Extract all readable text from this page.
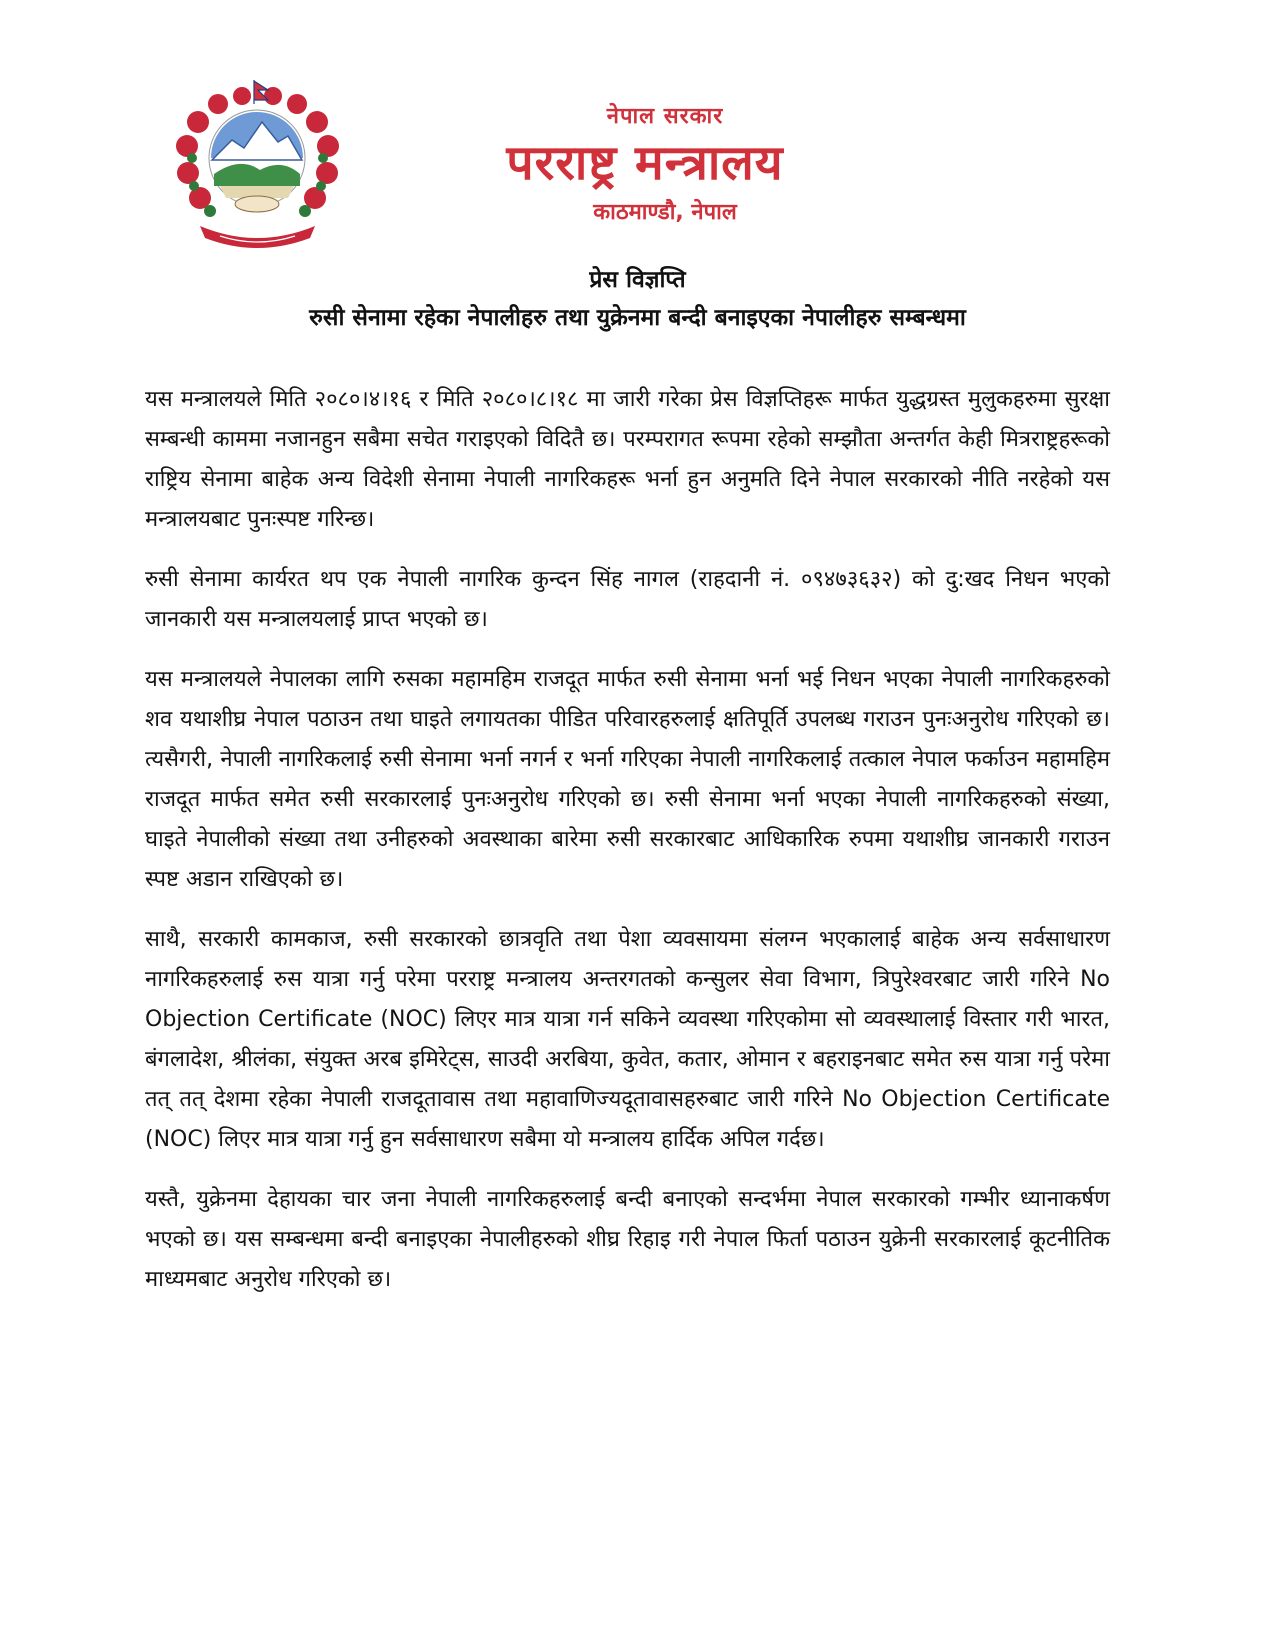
नेपाल सरकार
परराष्ट्र मन्त्रालय
काठमाण्डौ, नेपाल
प्रेस विज्ञप्ति
रुसी सेनामा रहेका नेपालीहरु तथा युक्रेनमा बन्दी बनाइएका नेपालीहरु सम्बन्धमा

यस मन्त्रालयले मिति २०८०।४।१६ र मिति २०८०।८।१८ मा जारी गरेका प्रेस विज्ञप्तिहरू मार्फत युद्धग्रस्त मुलुकहरुमा सुरक्षा सम्बन्धी काममा नजानहुन सबैमा सचेत गराइएको विदितै छ। परम्परागत रूपमा रहेको सम्झौता अन्तर्गत केही मित्रराष्ट्रहरूको राष्ट्रिय सेनामा बाहेक अन्य विदेशी सेनामा नेपाली नागरिकहरू भर्ना हुन अनुमति दिने नेपाल सरकारको नीति नरहेको यस मन्त्रालयबाट पुनःस्पष्ट गरिन्छ।

रुसी सेनामा कार्यरत थप एक नेपाली नागरिक कुन्दन सिंह नागल (राहदानी नं. ०९४७३६३२) को दु:खद निधन भएको जानकारी यस मन्त्रालयलाई प्राप्त भएको छ।

यस मन्त्रालयले नेपालका लागि रुसका महामहिम राजदूत मार्फत रुसी सेनामा भर्ना भई निधन भएका नेपाली नागरिकहरुको शव यथाशीघ्र नेपाल पठाउन तथा घाइते लगायतका पीडित परिवारहरुलाई क्षतिपूर्ति उपलब्ध गराउन पुनःअनुरोध गरिएको छ। त्यसैगरी, नेपाली नागरिकलाई रुसी सेनामा भर्ना नगर्न र भर्ना गरिएका नेपाली नागरिकलाई तत्काल नेपाल फर्काउन महामहिम राजदूत मार्फत समेत रुसी सरकारलाई पुनःअनुरोध गरिएको छ। रुसी सेनामा भर्ना भएका नेपाली नागरिकहरुको संख्या, घाइते नेपालीको संख्या तथा उनीहरुको अवस्थाका बारेमा रुसी सरकारबाट आधिकारिक रुपमा यथाशीघ्र जानकारी गराउन स्पष्ट अडान राखिएको छ।

साथै, सरकारी कामकाज, रुसी सरकारको छात्रवृति तथा पेशा व्यवसायमा संलग्न भएकालाई बाहेक अन्य सर्वसाधारण नागरिकहरुलाई रुस यात्रा गर्नु परेमा परराष्ट्र मन्त्रालय अन्तरगतको कन्सुलर सेवा विभाग, त्रिपुरेश्वरबाट जारी गरिने No Objection Certificate (NOC) लिएर मात्र यात्रा गर्न सकिने व्यवस्था गरिएकोमा सो व्यवस्थालाई विस्तार गरी भारत, बंगलादेश, श्रीलंका, संयुक्त अरब इमिरेट्स, साउदी अरबिया, कुवेत, कतार, ओमान र बहराइनबाट समेत रुस यात्रा गर्नु परेमा तत् तत् देशमा रहेका नेपाली राजदूतावास तथा महावाणिज्यदूतावासहरुबाट जारी गरिने No Objection Certificate (NOC) लिएर मात्र यात्रा गर्नु हुन सर्वसाधारण सबैमा यो मन्त्रालय हार्दिक अपिल गर्दछ।

यस्तै, युक्रेनमा देहायका चार जना नेपाली नागरिकहरुलाई बन्दी बनाएको सन्दर्भमा नेपाल सरकारको गम्भीर ध्यानाकर्षण भएको छ। यस सम्बन्धमा बन्दी बनाइएका नेपालीहरुको शीघ्र रिहाइ गरी नेपाल फिर्ता पठाउन युक्रेनी सरकारलाई कूटनीतिक माध्यमबाट अनुरोध गरिएको छ।
